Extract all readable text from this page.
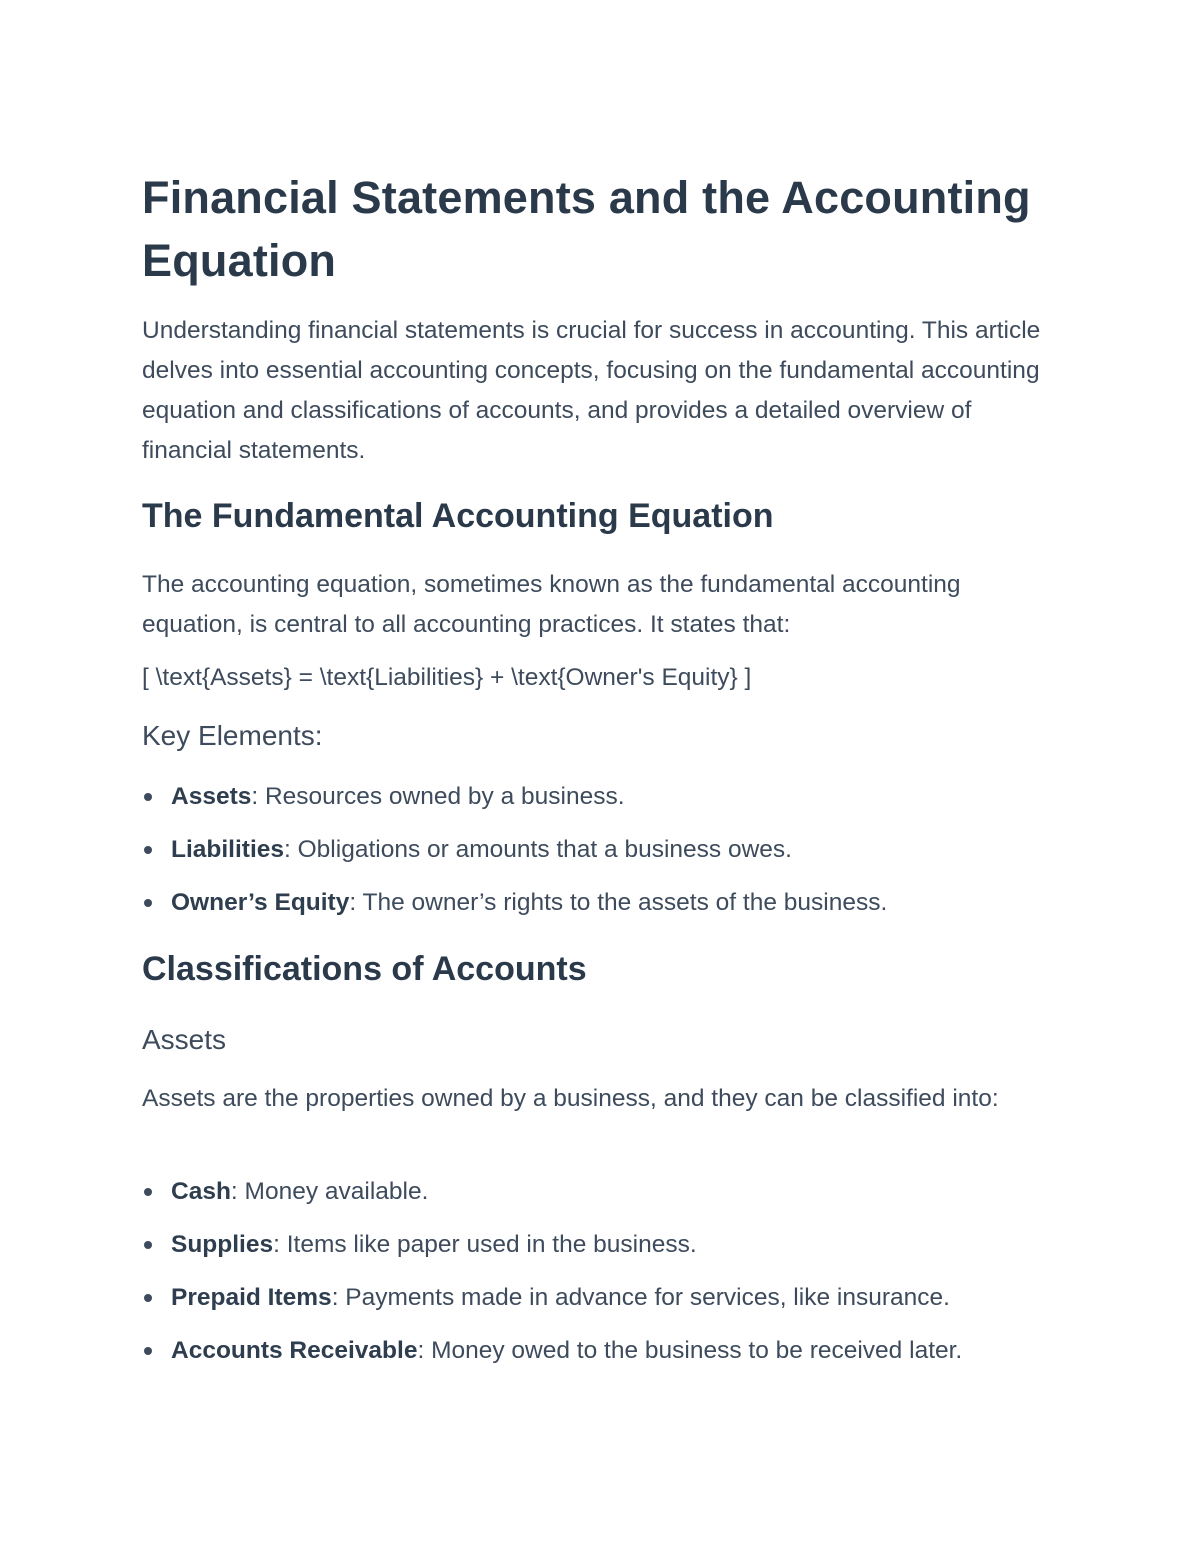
Financial Statements and the Accounting Equation

Understanding financial statements is crucial for success in accounting. This article delves into essential accounting concepts, focusing on the fundamental accounting equation and classifications of accounts, and provides a detailed overview of financial statements.

The Fundamental Accounting Equation

The accounting equation, sometimes known as the fundamental accounting equation, is central to all accounting practices. It states that:

[ \text{Assets} = \text{Liabilities} + \text{Owner's Equity} ]

Key Elements:
Assets: Resources owned by a business.
Liabilities: Obligations or amounts that a business owes.
Owner’s Equity: The owner’s rights to the assets of the business.
Classifications of Accounts
Assets

Assets are the properties owned by a business, and they can be classified into:

Cash: Money available.
Supplies: Items like paper used in the business.
Prepaid Items: Payments made in advance for services, like insurance.
Accounts Receivable: Money owed to the business to be received later.
